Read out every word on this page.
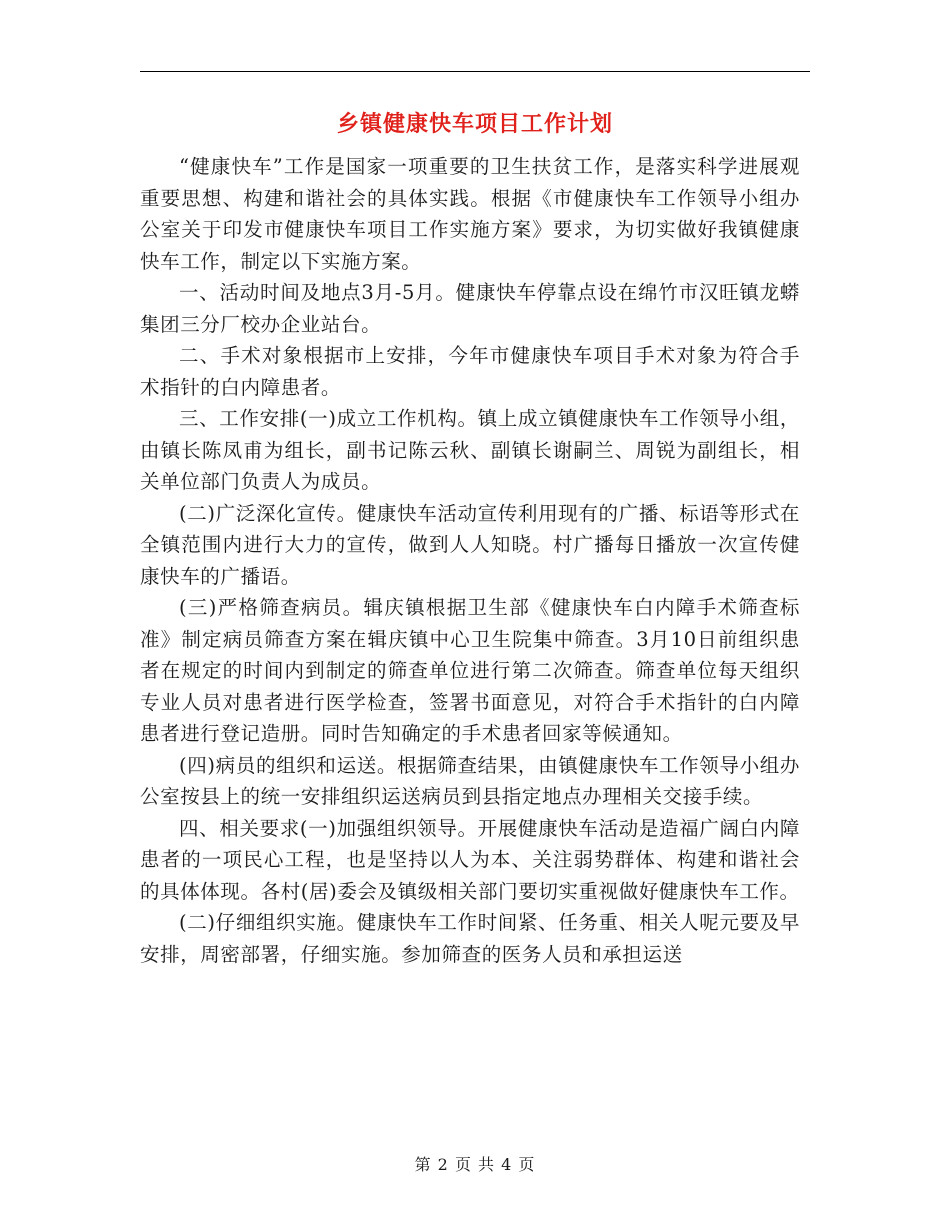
乡镇健康快车项目工作计划

“健康快车”工作是国家一项重要的卫生扶贫工作，是落实科学进展观重要思想、构建和谐社会的具体实践。根据《市健康快车工作领导小组办公室关于印发市健康快车项目工作实施方案》要求，为切实做好我镇健康快车工作，制定以下实施方案。

一、活动时间及地点3月-5月。健康快车停靠点设在绵竹市汉旺镇龙蟒集团三分厂校办企业站台。

二、手术对象根据市上安排，今年市健康快车项目手术对象为符合手术指针的白内障患者。

三、工作安排(一)成立工作机构。镇上成立镇健康快车工作领导小组，由镇长陈凤甫为组长，副书记陈云秋、副镇长谢嗣兰、周锐为副组长，相关单位部门负责人为成员。

(二)广泛深化宣传。健康快车活动宣传利用现有的广播、标语等形式在全镇范围内进行大力的宣传，做到人人知晓。村广播每日播放一次宣传健康快车的广播语。

(三)严格筛查病员。辑庆镇根据卫生部《健康快车白内障手术筛查标准》制定病员筛查方案在辑庆镇中心卫生院集中筛查。3月10日前组织患者在规定的时间内到制定的筛查单位进行第二次筛查。筛查单位每天组织专业人员对患者进行医学检查，签署书面意见，对符合手术指针的白内障患者进行登记造册。同时告知确定的手术患者回家等候通知。

(四)病员的组织和运送。根据筛查结果，由镇健康快车工作领导小组办公室按县上的统一安排组织运送病员到县指定地点办理相关交接手续。

四、相关要求(一)加强组织领导。开展健康快车活动是造福广阔白内障患者的一项民心工程，也是坚持以人为本、关注弱势群体、构建和谐社会的具体体现。各村(居)委会及镇级相关部门要切实重视做好健康快车工作。

(二)仔细组织实施。健康快车工作时间紧、任务重、相关人呢元要及早安排，周密部署，仔细实施。参加筛查的医务人员和承担运送

第 2 页 共 4 页
